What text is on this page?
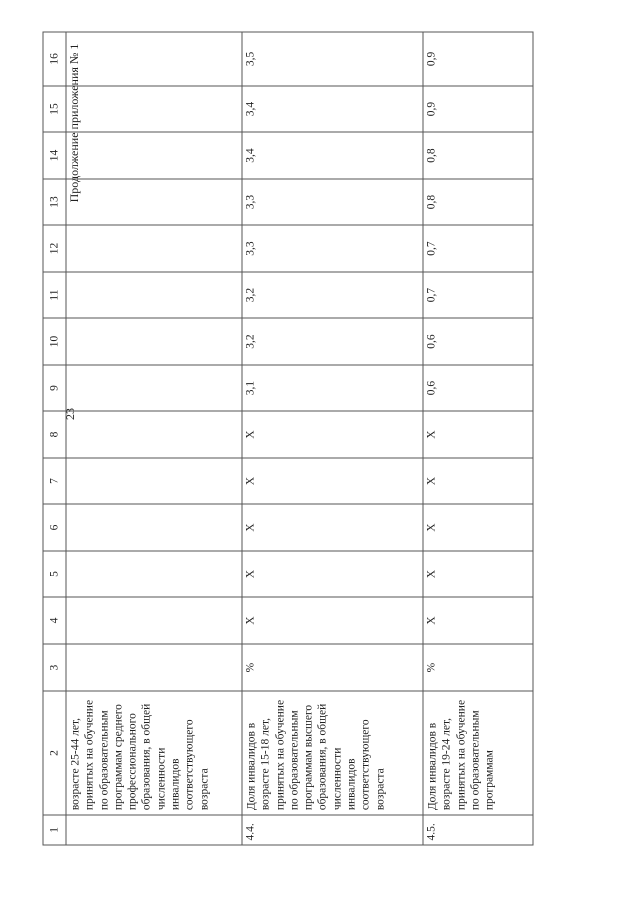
23
Продолжение приложения № 1
1	2	3	4	5	6	7	8	9	10	11	12	13	14	15	16
	возрасте 25-44 лет, принятых на обучение по образовательным программам среднего профессионального образования, в общей численности инвалидов соответствующего возраста														
4.4.	Доля инвалидов в возрасте 15-18 лет, принятых на обучение по образовательным программам высшего образования, в общей численности инвалидов соответствующего возраста	%	X	X	X	X	X	3,1	3,2	3,2	3,3	3,3	3,4	3,4	3,5
4.5.	Доля инвалидов в возрасте 19-24 лет, принятых на обучение по образовательным программам	%	X	X	X	X	X	0,6	0,6	0,7	0,7	0,8	0,8	0,9	0,9
